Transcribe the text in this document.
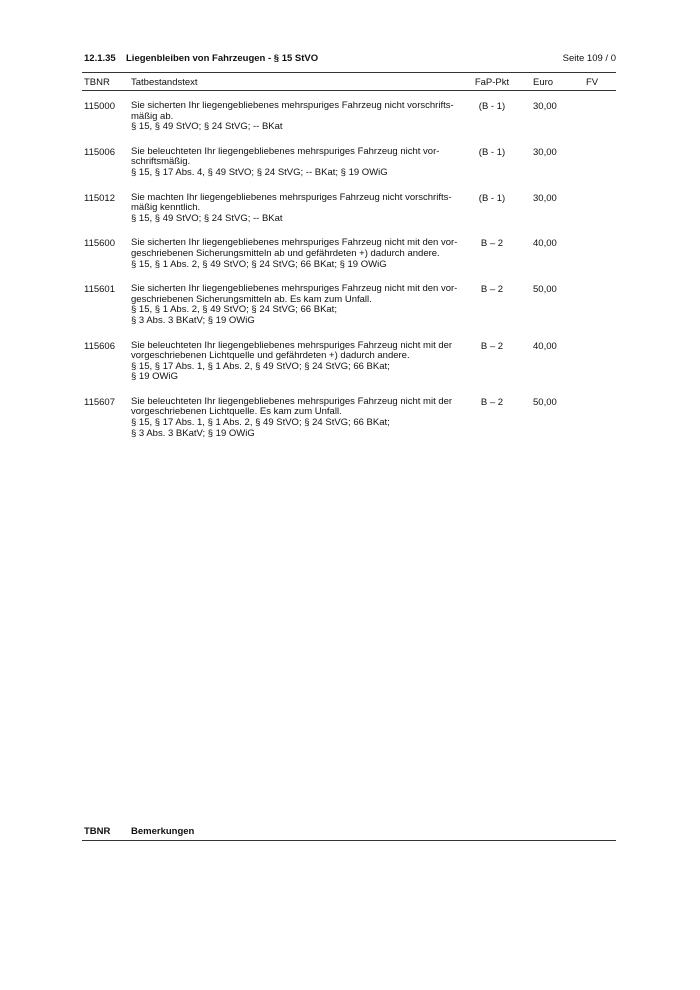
12.1.35 Liegenbleiben von Fahrzeugen - § 15 StVO	Seite 109 / 0
TBNR Tatbestandstext	FaP-Pkt	Euro	FV
115000 Sie sicherten Ihr liegengebliebenes mehrspuriges Fahrzeug nicht vorschrifts-
mäßig ab.
§ 15, § 49 StVO; § 24 StVG; -- BKat
(B - 1)	30,00
115006 Sie beleuchteten Ihr liegengebliebenes mehrspuriges Fahrzeug nicht vor-
schriftsmäßig.
§ 15, § 17 Abs. 4, § 49 StVO; § 24 StVG; -- BKat; § 19 OWiG
(B - 1)	30,00
115012 Sie machten Ihr liegengebliebenes mehrspuriges Fahrzeug nicht vorschrifts-
mäßig kenntlich.
§ 15, § 49 StVO; § 24 StVG; -- BKat
(B - 1)	30,00
115600 Sie sicherten Ihr liegengebliebenes mehrspuriges Fahrzeug nicht mit den vor-
geschriebenen Sicherungsmitteln ab und gefährdeten +) dadurch andere.
§ 15, § 1 Abs. 2, § 49 StVO; § 24 StVG; 66 BKat; § 19 OWiG
B – 2	40,00
115601 Sie sicherten Ihr liegengebliebenes mehrspuriges Fahrzeug nicht mit den vor-
geschriebenen Sicherungsmitteln ab. Es kam zum Unfall.
§ 15, § 1 Abs. 2, § 49 StVO; § 24 StVG; 66 BKat;
§ 3 Abs. 3 BKatV; § 19 OWiG
B – 2	50,00
115606 Sie beleuchteten Ihr liegengebliebenes mehrspuriges Fahrzeug nicht mit der
vorgeschriebenen Lichtquelle und gefährdeten +) dadurch andere.
§ 15, § 17 Abs. 1, § 1 Abs. 2, § 49 StVO; § 24 StVG; 66 BKat;
§ 19 OWiG
B – 2	40,00
115607 Sie beleuchteten Ihr liegengebliebenes mehrspuriges Fahrzeug nicht mit der
vorgeschriebenen Lichtquelle. Es kam zum Unfall.
§ 15, § 17 Abs. 1, § 1 Abs. 2, § 49 StVO; § 24 StVG; 66 BKat;
§ 3 Abs. 3 BKatV; § 19 OWiG
B – 2	50,00
TBNR Bemerkungen
